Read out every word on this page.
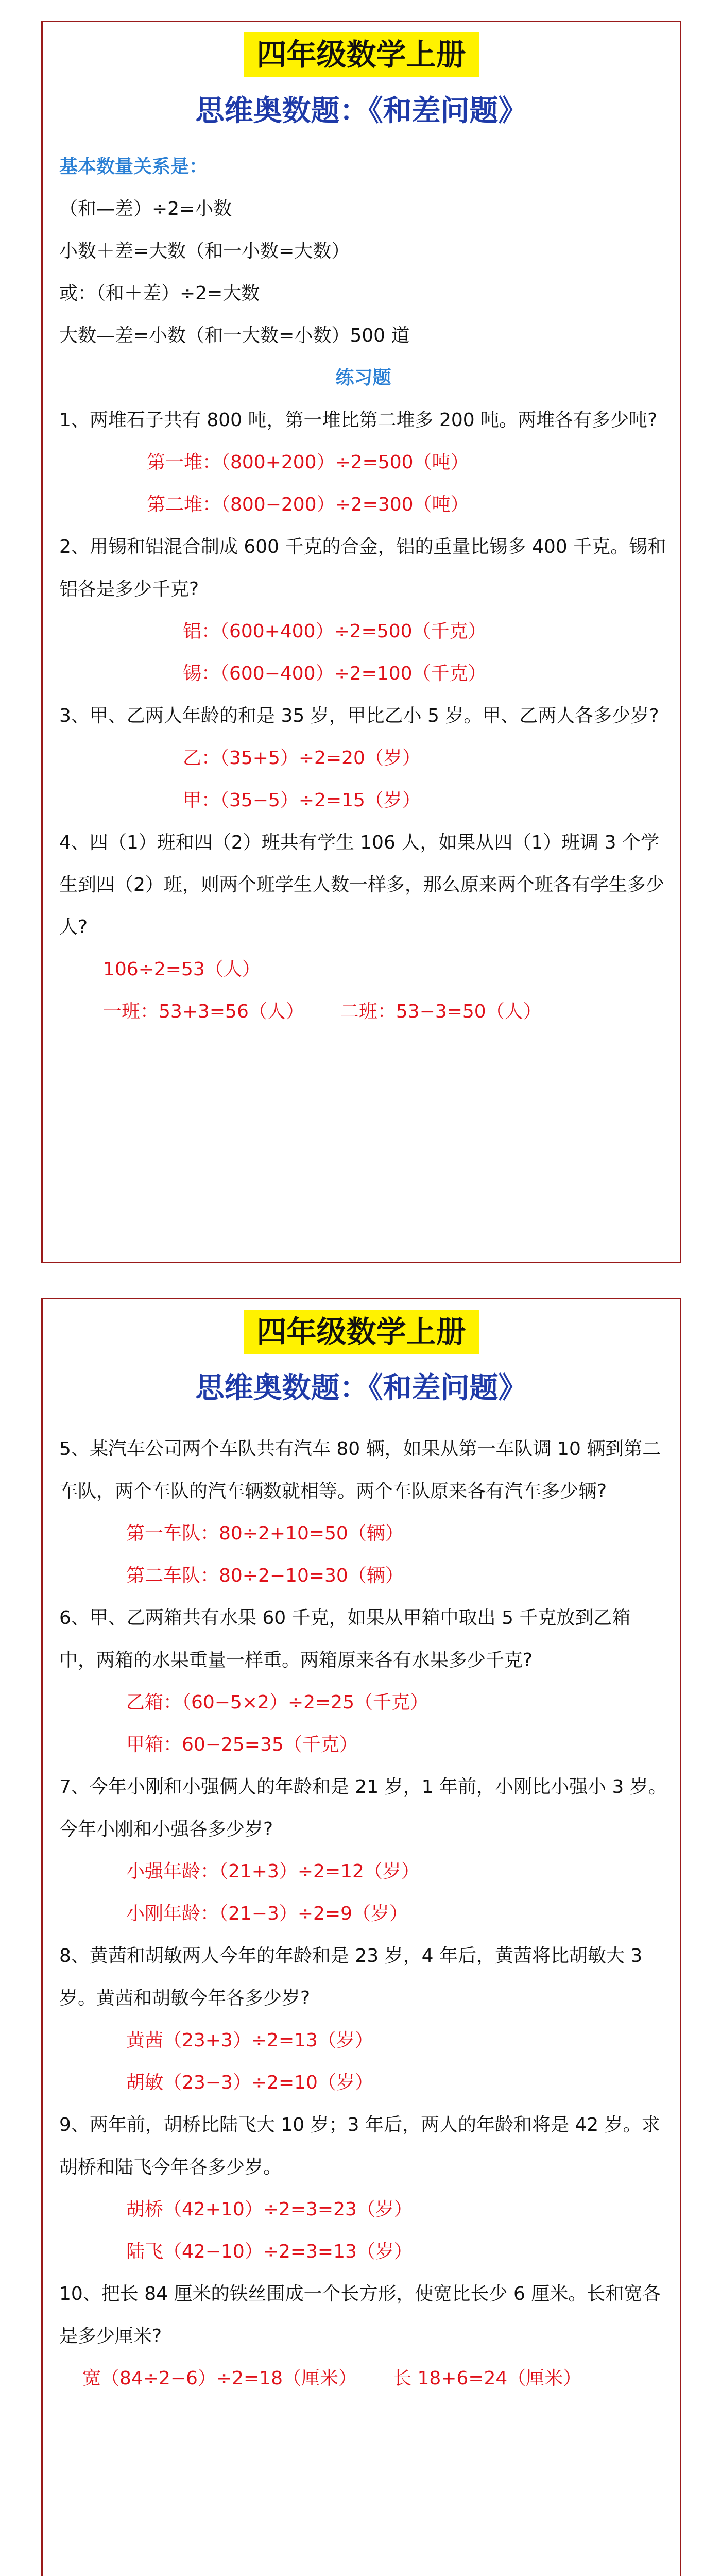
四年级数学上册
思维奥数题：《和差问题》

基本数量关系是：

（和—差）÷2=小数

小数＋差=大数（和一小数=大数）

或：（和＋差）÷2=大数

大数—差=小数（和一大数=小数）500 道

练习题

1、两堆石子共有 800 吨，第一堆比第二堆多 200 吨。两堆各有多少吨?

第一堆：（800+200）÷2=500（吨）

第二堆：（800−200）÷2=300（吨）

2、用锡和铝混合制成 600 千克的合金，铝的重量比锡多 400 千克。锡和铝各是多少千克?

铝：（600+400）÷2=500（千克）

锡：（600−400）÷2=100（千克）

3、甲、乙两人年龄的和是 35 岁，甲比乙小 5 岁。甲、乙两人各多少岁?

乙：（35+5）÷2=20（岁）

甲：（35−5）÷2=15（岁）

4、四（1）班和四（2）班共有学生 106 人，如果从四（1）班调 3 个学生到四（2）班，则两个班学生人数一样多，那么原来两个班各有学生多少人?

106÷2=53（人）

一班：53+3=56（人） 二班：53−3=50（人）

四年级数学上册
思维奥数题：《和差问题》

5、某汽车公司两个车队共有汽车 80 辆，如果从第一车队调 10 辆到第二车队，两个车队的汽车辆数就相等。两个车队原来各有汽车多少辆?

第一车队：80÷2+10=50（辆）

第二车队：80÷2−10=30（辆）

6、甲、乙两箱共有水果 60 千克，如果从甲箱中取出 5 千克放到乙箱中，两箱的水果重量一样重。两箱原来各有水果多少千克?

乙箱：（60−5×2）÷2=25（千克）

甲箱：60−25=35（千克）

7、今年小刚和小强俩人的年龄和是 21 岁，1 年前，小刚比小强小 3 岁。今年小刚和小强各多少岁?

小强年龄：（21+3）÷2=12（岁）

小刚年龄：（21−3）÷2=9（岁）

8、黄茜和胡敏两人今年的年龄和是 23 岁，4 年后，黄茜将比胡敏大 3 岁。黄茜和胡敏今年各多少岁?

黄茜（23+3）÷2=13（岁）

胡敏（23−3）÷2=10（岁）

9、两年前，胡桥比陆飞大 10 岁；3 年后，两人的年龄和将是 42 岁。求胡桥和陆飞今年各多少岁。

胡桥（42+10）÷2=3=23（岁）

陆飞（42−10）÷2=3=13（岁）

10、把长 84 厘米的铁丝围成一个长方形，使宽比长少 6 厘米。长和宽各是多少厘米?

宽（84÷2−6）÷2=18（厘米） 长 18+6=24（厘米）
